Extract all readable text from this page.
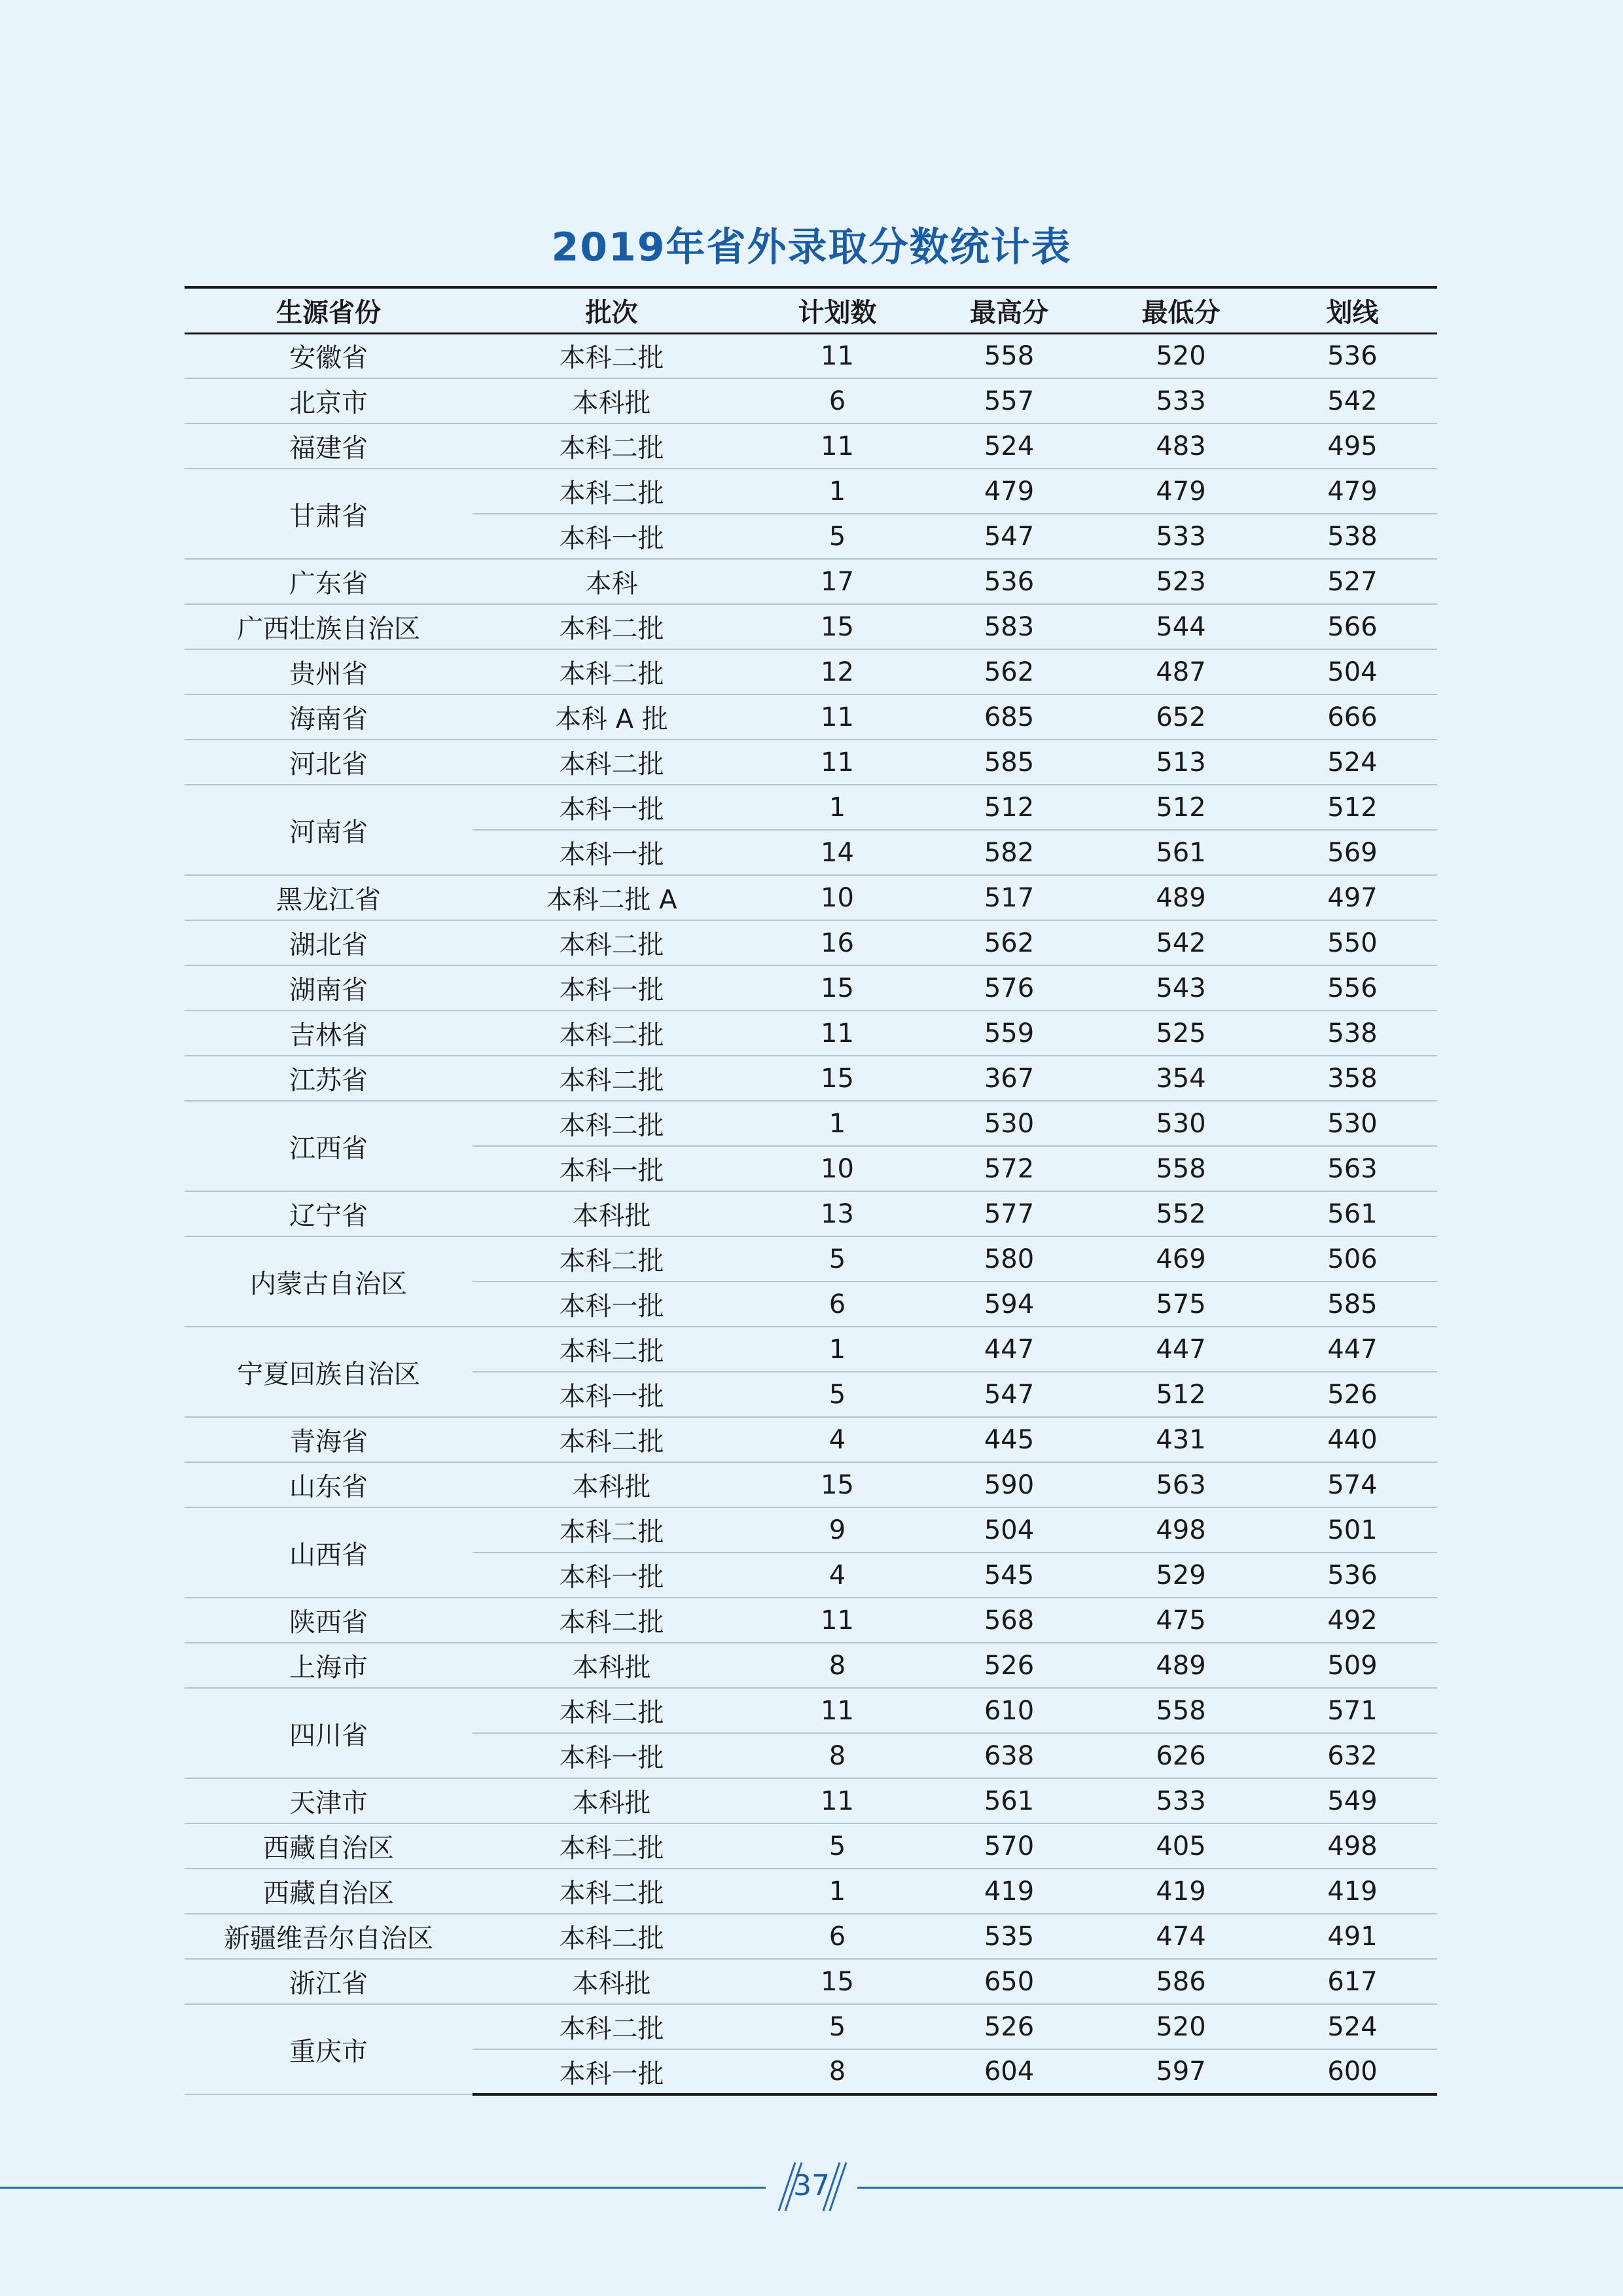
2019年省外录取分数统计表
生源省份	批次	计划数	最高分	最低分	划线
安徽省	本科二批	11	558	520	536
北京市	本科批	6	557	533	542
福建省	本科二批	11	524	483	495
甘肃省	本科二批	1	479	479	479
	本科一批	5	547	533	538
广东省	本科	17	536	523	527
广西壮族自治区	本科二批	15	583	544	566
贵州省	本科二批	12	562	487	504
海南省	本科 A 批	11	685	652	666
河北省	本科二批	11	585	513	524
河南省	本科一批	1	512	512	512
	本科一批	14	582	561	569
黑龙江省	本科二批 A	10	517	489	497
湖北省	本科二批	16	562	542	550
湖南省	本科一批	15	576	543	556
吉林省	本科二批	11	559	525	538
江苏省	本科二批	15	367	354	358
江西省	本科二批	1	530	530	530
	本科一批	10	572	558	563
辽宁省	本科批	13	577	552	561
内蒙古自治区	本科二批	5	580	469	506
	本科一批	6	594	575	585
宁夏回族自治区	本科二批	1	447	447	447
	本科一批	5	547	512	526
青海省	本科二批	4	445	431	440
山东省	本科批	15	590	563	574
山西省	本科二批	9	504	498	501
	本科一批	4	545	529	536
陕西省	本科二批	11	568	475	492
上海市	本科批	8	526	489	509
四川省	本科二批	11	610	558	571
	本科一批	8	638	626	632
天津市	本科批	11	561	533	549
西藏自治区	本科二批	5	570	405	498
西藏自治区	本科二批	1	419	419	419
新疆维吾尔自治区	本科二批	6	535	474	491
浙江省	本科批	15	650	586	617
重庆市	本科二批	5	526	520	524
	本科一批	8	604	597	600
37
